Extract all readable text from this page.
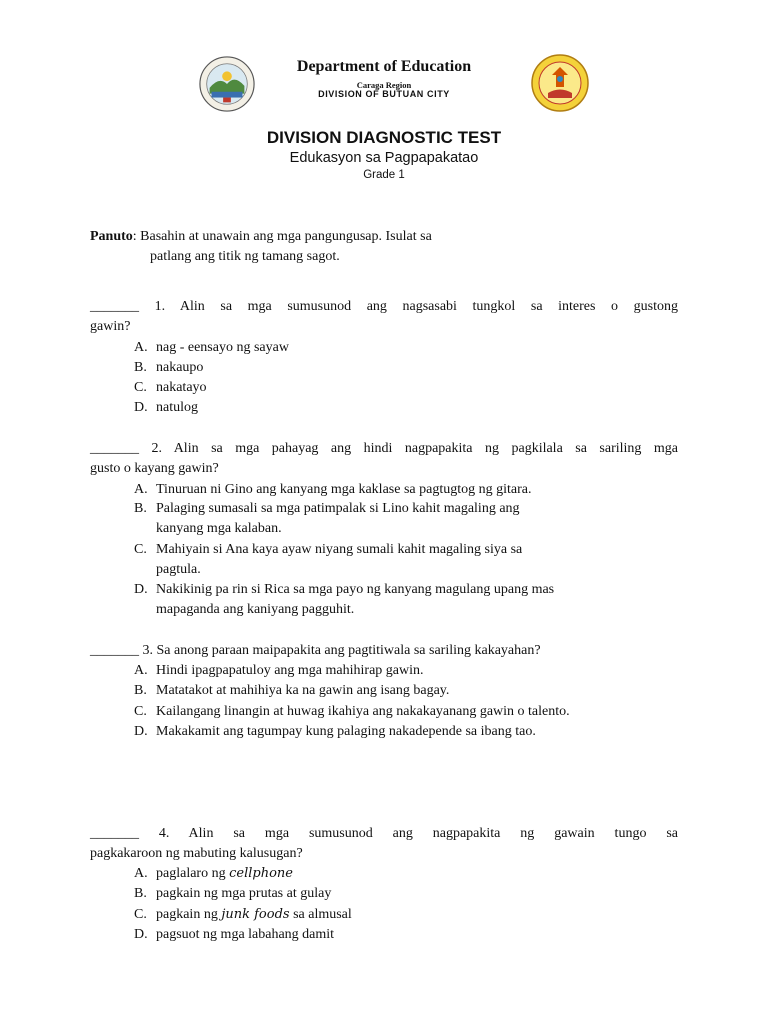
Department of Education
Caraga Region
DIVISION OF BUTUAN CITY
DIVISION DIAGNOSTIC TEST
Edukasyon sa Pagpapakatao
Grade 1
Panuto: Basahin at unawain ang mga pangungusap. Isulat sa
patlang ang titik ng tamang sagot.
_______ 1. Alin sa mga sumusunod ang nagsasabi tungkol sa interes o gustong
gawin?
A. nag - eensayo ng sayaw
B. nakaupo
C. nakatayo
D. natulog
_______ 2. Alin sa mga pahayag ang hindi nagpapakita ng pagkilala sa sariling mga
gusto o kayang gawin?
A. Tinuruan ni Gino ang kanyang mga kaklase sa pagtugtog ng gitara.
B. Palaging sumasali sa mga patimpalak si Lino kahit magaling ang
kanyang mga kalaban.
C. Mahiyain si Ana kaya ayaw niyang sumali kahit magaling siya sa
pagtula.
D. Nakikinig pa rin si Rica sa mga payo ng kanyang magulang upang mas
mapaganda ang kaniyang pagguhit.
_______ 3. Sa anong paraan maipapakita ang pagtitiwala sa sariling kakayahan?
A. Hindi ipagpapatuloy ang mga mahihirap gawin.
B. Matatakot at mahihiya ka na gawin ang isang bagay.
C. Kailangang linangin at huwag ikahiya ang nakakayanang gawin o talento.
D. Makakamit ang tagumpay kung palaging nakadepende sa ibang tao.
_______ 4. Alin sa mga sumusunod ang nagpapakita ng gawain tungo sa
pagkakaroon ng mabuting kalusugan?
A. paglalaro ng cellphone
B. pagkain ng mga prutas at gulay
C. pagkain ng junk foods sa almusal
D. pagsuot ng mga labahang damit
